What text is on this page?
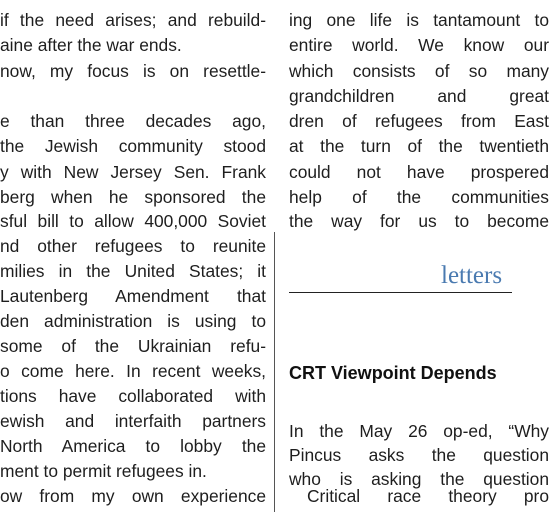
if the need arises; and rebuild-
aine after the war ends.
now, my focus is on resettle-
e than three decades ago,
the Jewish community stood
y with New Jersey Sen. Frank
berg when he sponsored the
sful bill to allow 400,000 Soviet
nd other refugees to reunite
milies in the United States; it
Lautenberg Amendment that
den administration is using to
some of the Ukrainian refu-
o come here. In recent weeks,
tions have collaborated with
ewish and interfaith partners
North America to lobby the
ment to permit refugees in.
ow from my own experience
ing one life is tantamount to
entire world. We know our
which consists of so many
grandchildren and great
dren of refugees from East
at the turn of the twentieth
could not have prospered
help of the communities
the way for us to become
In the May 26 op-ed, “Why
Pincus asks the question
who is asking the question
Critical race theory pro
letters
CRT Viewpoint Depends
